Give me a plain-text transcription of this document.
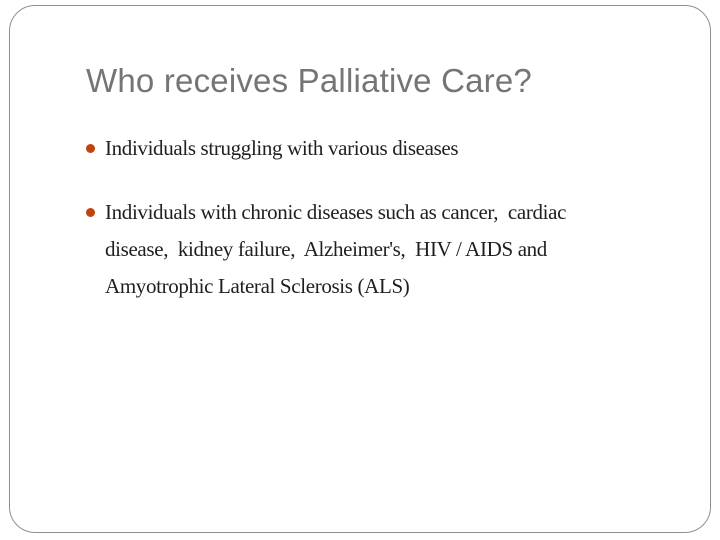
Who receives Palliative Care?
Individuals struggling with various diseases
Individuals with chronic diseases such as cancer,  cardiac
disease,  kidney failure,  Alzheimer's,  HIV / AIDS and
Amyotrophic Lateral Sclerosis (ALS)
